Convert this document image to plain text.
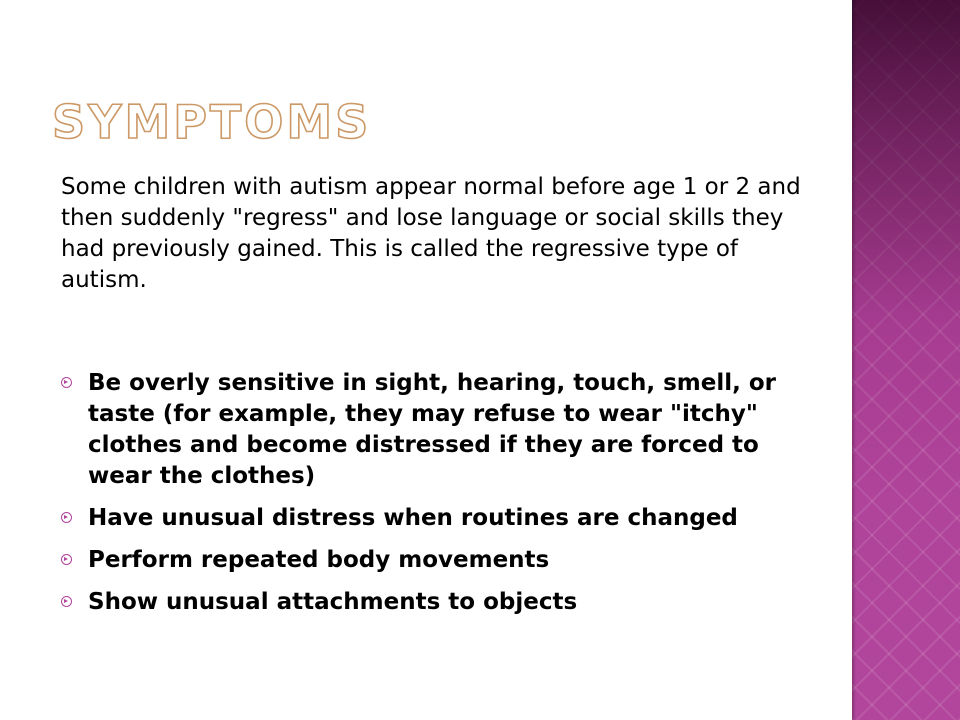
SYMPTOMS

Some children with autism appear normal before age 1 or 2 and then suddenly "regress" and lose language or social skills they had previously gained. This is called the regressive type of autism.

Be overly sensitive in sight, hearing, touch, smell, or taste (for example, they may refuse to wear "itchy" clothes and become distressed if they are forced to wear the clothes)
Have unusual distress when routines are changed
Perform repeated body movements
Show unusual attachments to objects
